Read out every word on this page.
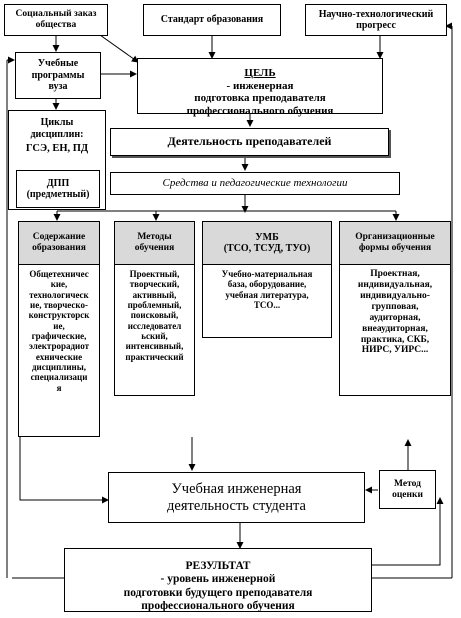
Социальный заказ
общества	Стандарт образования
Научно-технологический
прогресс
Учебные
программы
вуза
Циклы
дисциплин:
ГСЭ, ЕН, ПД
ДПП
(предметный)

ЦЕЛЬ
- инженерная
подготовка преподавателя
профессионального обучения

Деятельность преподавателей
Средства и педагогические технологии
Содержание
образования
Общетехничес
кие,
технологическ
ие, творческо-
конструкторск
ие,
графические,
электрорадиот
ехнические
дисциплины,
специализаци
я
Методы
обучения
Проектный,
творческий,
активный,
проблемный,
поисковый,
исследовател
ьский,
интенсивный,
практический
УМБ
(ТСО, ТСУД, ТУО)
Учебно-материальная
база, оборудование,
учебная литература,
ТСО...
Организационные
формы обучения
Проектная,
индивидуальная,
индивидуально-
групповая,
аудиторная,
внеаудиторная,
практика, СКБ,
НИРС, УИРС...
Учебная инженерная
деятельность студента
Метод
оценки

РЕЗУЛЬТАТ
- уровень инженерной
подготовки будущего преподавателя
профессионального обучения
